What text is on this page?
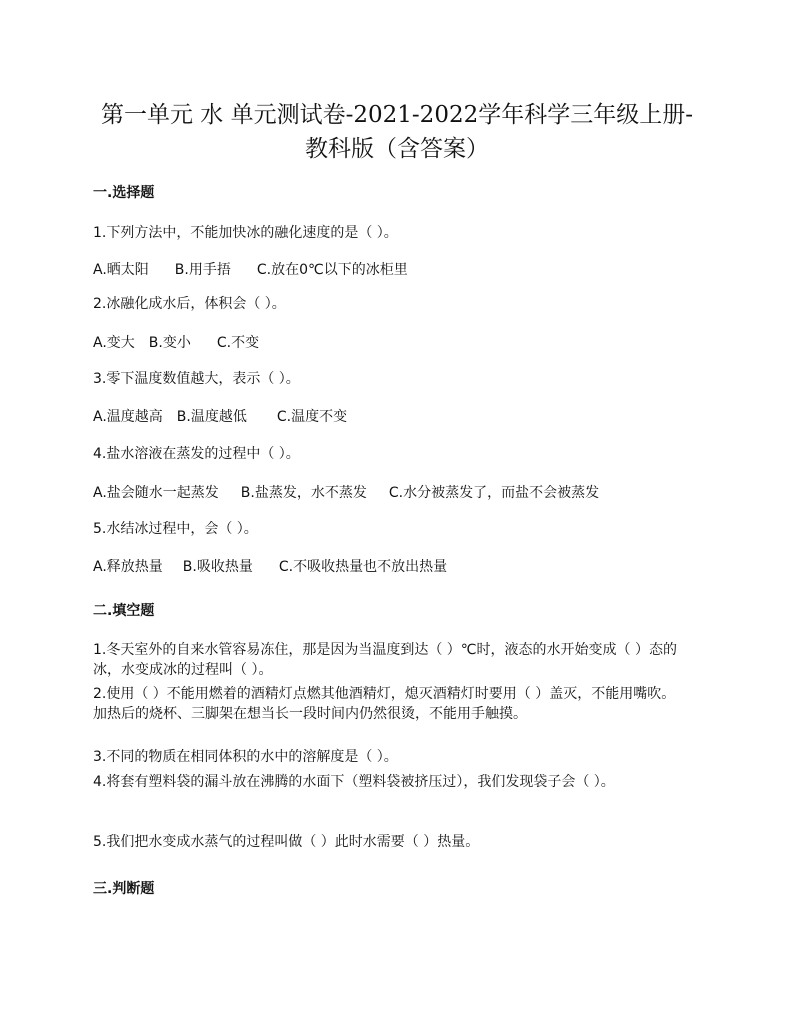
第一单元 水 单元测试卷-2021-2022学年科学三年级上册-
教科版（含答案）
一.选择题
1.下列方法中，不能加快冰的融化速度的是（ ）。
A.晒太阳 B.用手捂 C.放在0℃以下的冰柜里
2.冰融化成水后，体积会（ ）。
A.变大 B.变小 C.不变
3.零下温度数值越大，表示（ ）。
A.温度越高 B.温度越低 C.温度不变
4.盐水溶液在蒸发的过程中（ ）。
A.盐会随水一起蒸发 B.盐蒸发，水不蒸发 C.水分被蒸发了，而盐不会被蒸发
5.水结冰过程中，会（ ）。
A.释放热量 B.吸收热量 C.不吸收热量也不放出热量
二.填空题
1.冬天室外的自来水管容易冻住，那是因为当温度到达（ ）℃时，液态的水开始变成（ ）态的冰，水变成冰的过程叫（ ）。
2.使用（ ）不能用燃着的酒精灯点燃其他酒精灯，熄灭酒精灯时要用（ ）盖灭，不能用嘴吹。加热后的烧杯、三脚架在想当长一段时间内仍然很烫，不能用手触摸。
3.不同的物质在相同体积的水中的溶解度是（ ）。
4.将套有塑料袋的漏斗放在沸腾的水面下（塑料袋被挤压过），我们发现袋子会（ ）。
5.我们把水变成水蒸气的过程叫做（ ）此时水需要（ ）热量。
三.判断题
